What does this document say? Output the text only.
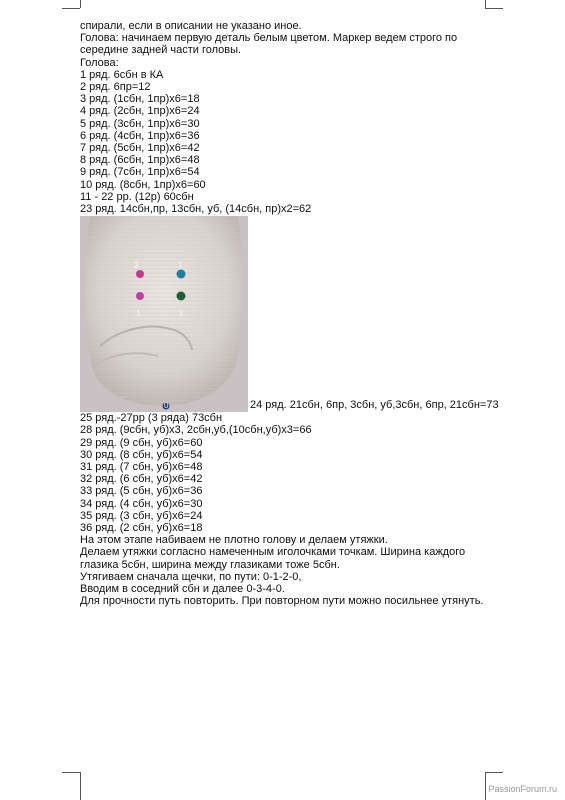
спирали, если в описании не указано иное.
Голова: начинаем первую деталь белым цветом. Маркер ведем строго по
середине задней части головы.
Голова:
1 ряд. 6сбн в КА
2 ряд. 6пр=12
3 ряд. (1сбн, 1пр)х6=18
4 ряд. (2сбн, 1пр)х6=24
5 ряд. (3сбн, 1пр)х6=30
6 ряд. (4сбн, 1пр)х6=36
7 ряд. (5сбн, 1пр)х6=42
8 ряд. (6сбн, 1пр)х6=48
9 ряд. (7сбн, 1пр)х6=54
10 ряд. (8сбн, 1пр)х6=60
11 - 22 рр. (12р) 60сбн
23 ряд. 14сбн,пр, 13сбн, уб, (14сбн, пр)х2=62
2
1
1
3
0	24 ряд. 21сбн, 6пр, 3сбн, уб,3сбн, 6пр, 21сбн=73
25 ряд.-27рр (3 ряда) 73сбн
28 ряд. (9сбн, уб)х3, 2сбн,уб,(10сбн,уб)х3=66
29 ряд. (9 сбн, уб)х6=60
30 ряд. (8 сбн, уб)х6=54
31 ряд. (7 сбн, уб)х6=48
32 ряд. (6 сбн, уб)х6=42
33 ряд. (5 сбн, уб)х6=36
34 ряд. (4 сбн, уб)х6=30
35 ряд. (3 сбн, уб)х6=24
36 ряд. (2 сбн, уб)х6=18
На этом этапе набиваем не плотно голову и делаем утяжки.
Делаем утяжки согласно намеченным иголочками точкам. Ширина каждого
глазика 5сбн, ширина между глазиками тоже 5сбн.
Утягиваем сначала щечки, по пути: 0-1-2-0,
Вводим в соседний сбн и далее 0-3-4-0.
Для прочности путь повторить. При повторном пути можно посильнее утянуть.
PassionForum.ru
